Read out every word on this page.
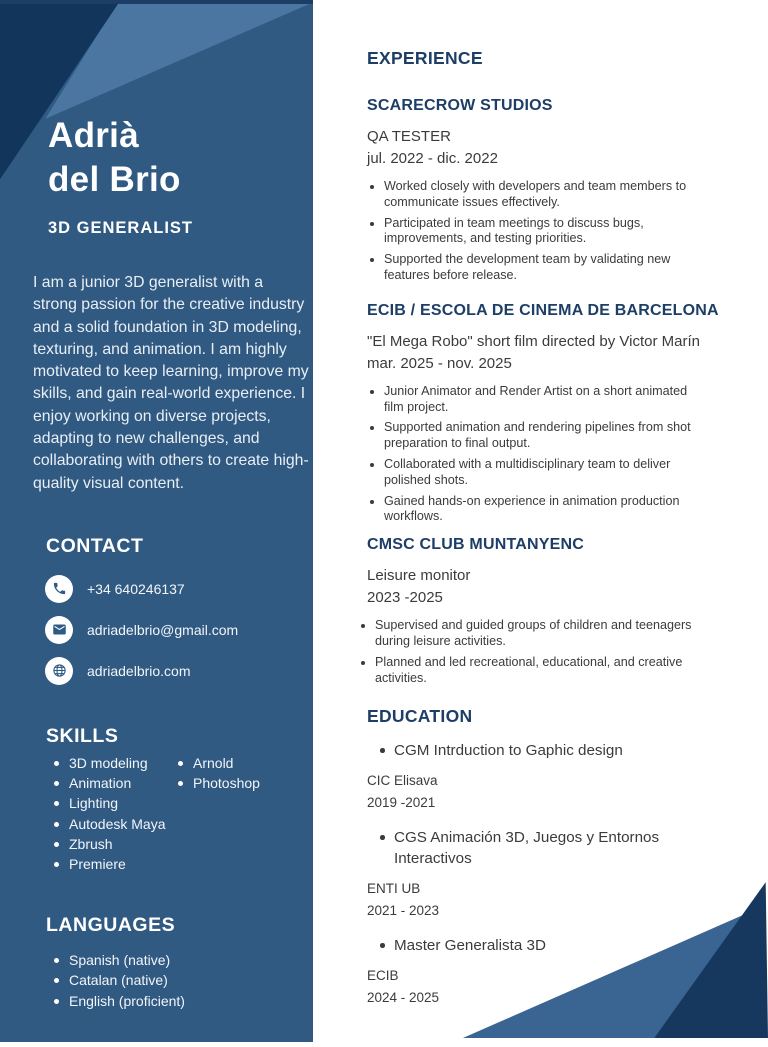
Adrià
del Brio
3D GENERALIST

I am a junior 3D generalist with a strong passion for the creative industry and a solid foundation in 3D modeling, texturing, and animation. I am highly motivated to keep learning, improve my skills, and gain real-world experience. I enjoy working on diverse projects, adapting to new challenges, and collaborating with others to create high-quality visual content.

CONTACT
+34 640246137
adriadelbrio@gmail.com
adriadelbrio.com
SKILLS
3D modeling
Animation
Lighting
Autodesk Maya
Zbrush
Premiere
Arnold
Photoshop
LANGUAGES
Spanish (native)
Catalan (native)
English (proficient)
EXPERIENCE
SCARECROW STUDIOS
QA TESTER
jul. 2022 - dic. 2022
Worked closely with developers and team members to communicate issues effectively.
Participated in team meetings to discuss bugs, improvements, and testing priorities.
Supported the development team by validating new features before release.
ECIB / ESCOLA DE CINEMA DE BARCELONA
"El Mega Robo" short film directed by Victor Marín
mar. 2025 - nov. 2025
Junior Animator and Render Artist on a short animated film project.
Supported animation and rendering pipelines from shot preparation to final output.
Collaborated with a multidisciplinary team to deliver polished shots.
Gained hands-on experience in animation production workflows.
CMSC CLUB MUNTANYENC
Leisure monitor
2023 -2025
Supervised and guided groups of children and teenagers during leisure activities.
Planned and led recreational, educational, and creative activities.
EDUCATION
CGM Intrduction to Gaphic design
CIC Elisava
2019 -2021
CGS Animación 3D, Juegos y Entornos Interactivos
ENTI UB
2021 - 2023
Master Generalista 3D
ECIB
2024 - 2025
